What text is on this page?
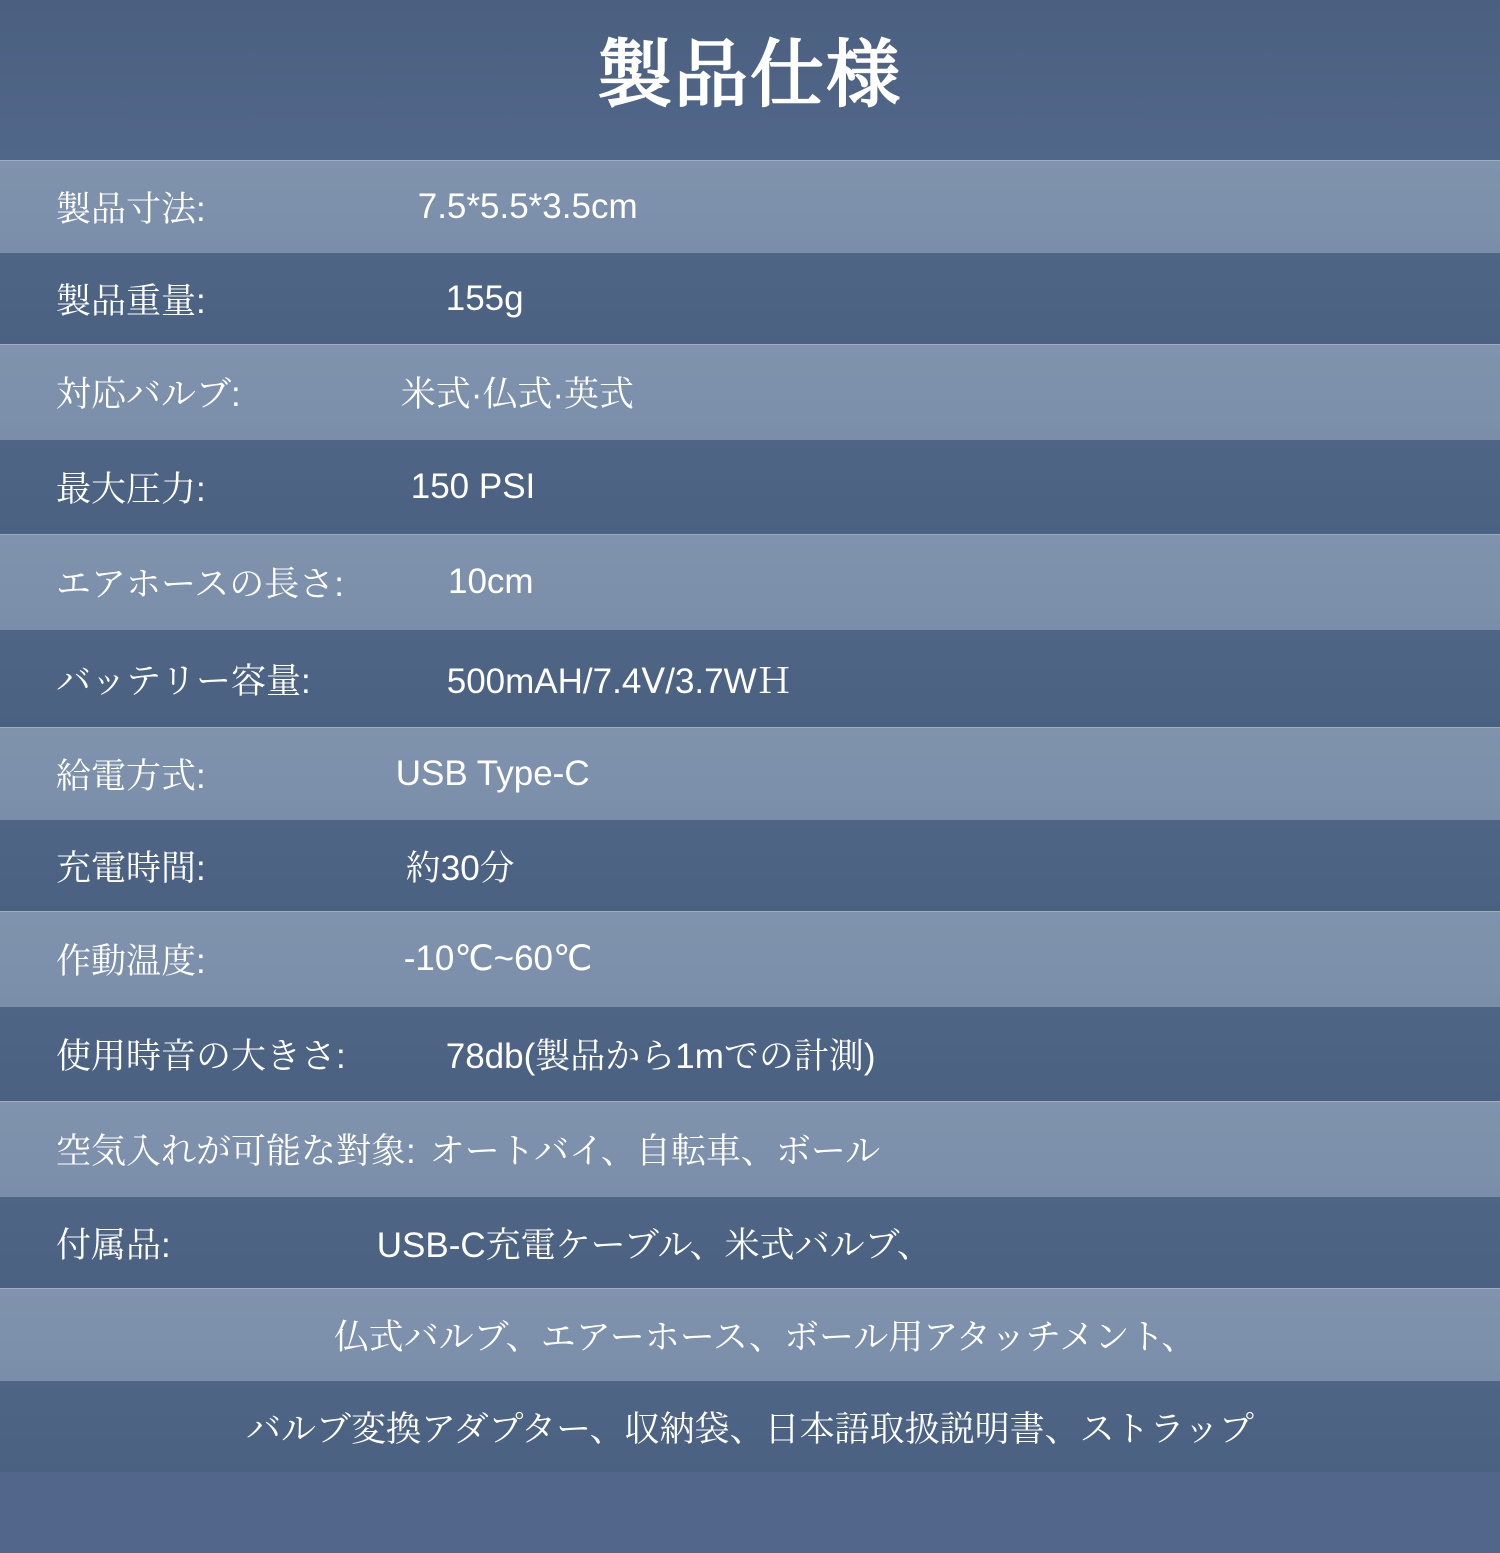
製品仕様
製品寸法:	7.5*5.5*3.5cm
製品重量:	155g
対応バルブ:	米式·仏式·英式
最大圧力:	150 PSI
エアホースの長さ:	10cm
バッテリー容量:	500mAH/7.4Ⅴ/3.7WＨ
給電方式:	USB Type-C
充電時間:	約30分
作動温度:	-10℃~60℃
使用時音の大きさ:	78db(製品から1mでの計測)
空気入れが可能な對象: オートバイ、自転車、ボール
付属品:	USB-C充電ケーブル、米式バルブ、
仏式バルブ、エアーホース、ボール用アタッチメント、
バルブ変換アダプター、収納袋、日本語取扱説明書、ストラップ
